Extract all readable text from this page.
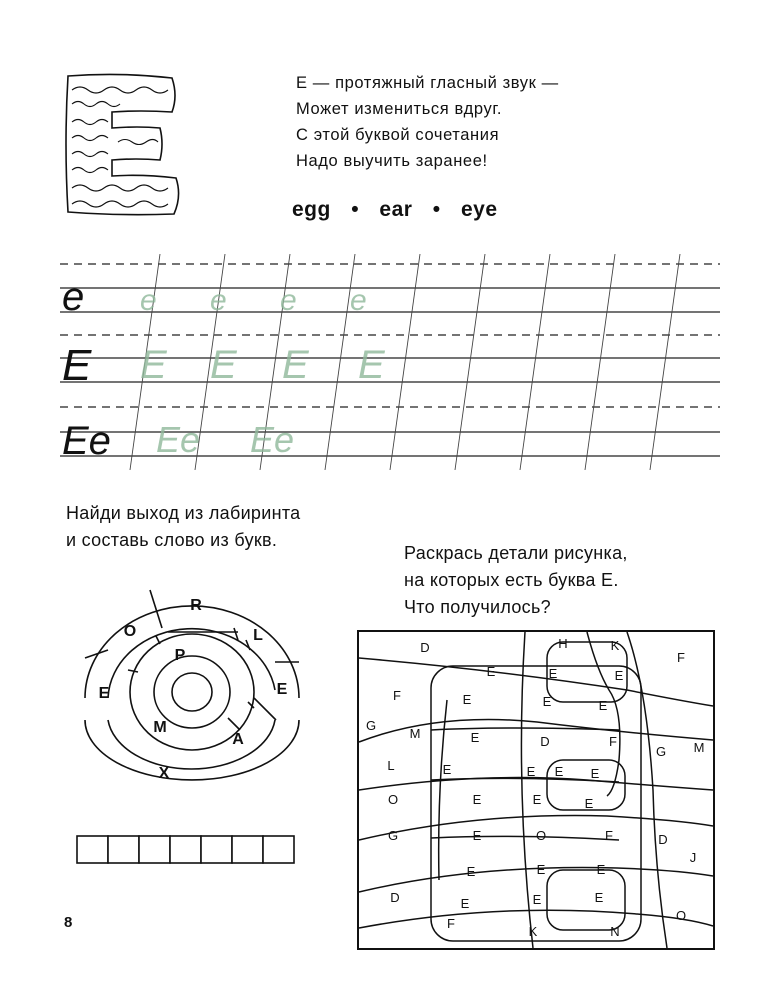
Е — протяжный гласный звук —
Может измениться вдруг.
С этой буквой сочетания
Надо выучить заранее!
egg • ear • eye
e e e e e
E E E E E
Ee Ee Ee
Найди выход из лабиринта
и составь слово из букв.
R
O	L
P
E	E
M
A
X
Раскрась детали рисунка,
на которых есть буква Е.
Что получилось?
D	H	K
F
E	E	E
F	E	E	E
G
M	E	D	F
G M
L	E	E E E
O	E	E	E
G	E	O	F	D
J
E	E	E
D	E	E	E
O
F
K	N
8
